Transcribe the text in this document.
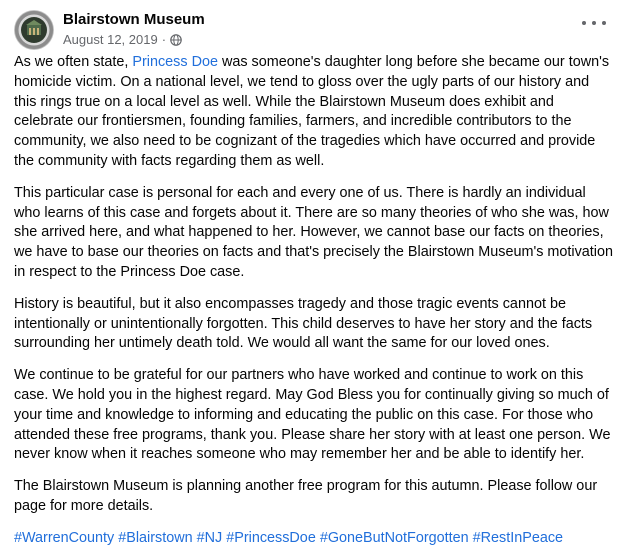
Blairstown Museum
August 12, 2019 ·

As we often state, Princess Doe was someone's daughter long before she became our town's homicide victim. On a national level, we tend to gloss over the ugly parts of our history and this rings true on a local level as well. While the Blairstown Museum does exhibit and celebrate our frontiersmen, founding families, farmers, and incredible contributors to the community, we also need to be cognizant of the tragedies which have occurred and provide the community with facts regarding them as well.

This particular case is personal for each and every one of us. There is hardly an individual who learns of this case and forgets about it. There are so many theories of who she was, how she arrived here, and what happened to her. However, we cannot base our facts on theories, we have to base our theories on facts and that's precisely the Blairstown Museum's motivation in respect to the Princess Doe case.

History is beautiful, but it also encompasses tragedy and those tragic events cannot be intentionally or unintentionally forgotten. This child deserves to have her story and the facts surrounding her untimely death told. We would all want the same for our loved ones.

We continue to be grateful for our partners who have worked and continue to work on this case. We hold you in the highest regard. May God Bless you for continually giving so much of your time and knowledge to informing and educating the public on this case. For those who attended these free programs, thank you. Please share her story with at least one person. We never know when it reaches someone who may remember her and be able to identify her.

The Blairstown Museum is planning another free program for this autumn. Please follow our page for more details.

#WarrenCounty #Blairstown #NJ #PrincessDoe #GoneButNotForgotten #RestInPeace
